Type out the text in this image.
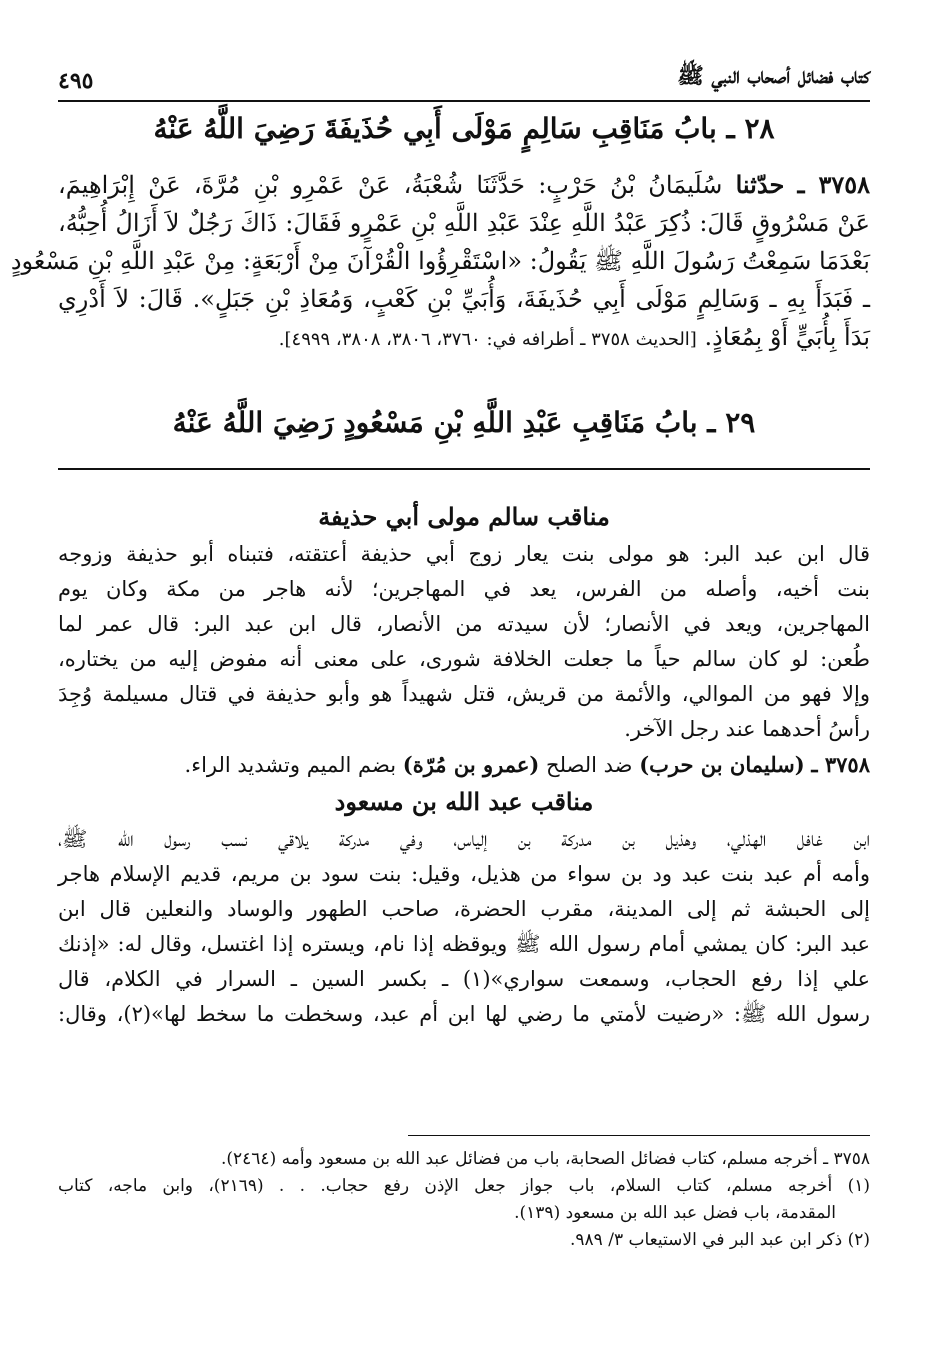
كتاب فضائل أصحاب النبي ﷺ
٤٩٥
٢٨ ـ بابُ مَنَاقِبِ سَالِمٍ مَوْلَى أَبِي حُذَيفَةَ رَضِيَ اللَّهُ عَنْهُ
٣٧٥٨ ـ حدّثنا سُلَيمَانُ بْنُ حَرْبٍ: حَدَّثَنَا شُعْبَةُ، عَنْ عَمْرِو بْنِ مُرَّةَ، عَنْ إِبْرَاهِيمَ،
عَنْ مَسْرُوقٍ قَالَ: ذُكِرَ عَبْدُ اللَّهِ عِنْدَ عَبْدِ اللَّهِ بْنِ عَمْرٍو فَقَالَ: ذَاكَ رَجُلٌ لاَ أَزَالُ أُحِبُّهُ،
بَعْدَمَا سَمِعْتُ رَسُولَ اللَّهِ ﷺ يَقُولُ: «اسْتَقْرِؤُوا الْقُرْآنَ مِنْ أَرْبَعَةٍ: مِنْ عَبْدِ اللَّهِ بْنِ مَسْعُودٍ
ـ فَبَدَأَ بِهِ ـ وَسَالِمٍ مَوْلَى أَبِي حُذَيفَةَ، وَأُبَيِّ بْنِ كَعْبٍ، وَمُعَاذِ بْنِ جَبَلٍ». قَالَ: لاَ أَدْرِي
بَدَأَ بِأُبَيٍّ أَوْ بِمُعَاذٍ. [الحديث ٣٧٥٨ ـ أطرافه في: ٣٧٦٠، ٣٨٠٦، ٣٨٠٨، ٤٩٩٩].
٢٩ ـ بابُ مَنَاقِبِ عَبْدِ اللَّهِ بْنِ مَسْعُودٍ رَضِيَ اللَّهُ عَنْهُ
مناقب سالم مولى أبي حذيفة
قال ابن عبد البر: هو مولى بنت يعار زوج أبي حذيفة أعتقته، فتبناه أبو حذيفة وزوجه
بنت أخيه، وأصله من الفرس، يعد في المهاجرين؛ لأنه هاجر من مكة وكان يوم
المهاجرين، ويعد في الأنصار؛ لأن سيدته من الأنصار، قال ابن عبد البر: قال عمر لما
طُعن: لو كان سالم حياً ما جعلت الخلافة شورى، على معنى أنه مفوض إليه من يختاره،
وإلا فهو من الموالي، والأئمة من قريش، قتل شهيداً هو وأبو حذيفة في قتال مسيلمة وُجِدَ
رأسُ أحدهما عند رجل الآخر.
٣٧٥٨ ـ (سليمان بن حرب) ضد الصلح (عمرو بن مُرّة) بضم الميم وتشديد الراء.
مناقب عبد الله بن مسعود
ابن غافل الهذلي، وهذيل بن مدركة بن إلياس، وفي مدركة يلاقي نسب رسول الله ﷺ،
وأمه أم عبد بنت عبد ود بن سواء من هذيل، وقيل: بنت سود بن مريم، قديم الإسلام هاجر
إلى الحبشة ثم إلى المدينة، مقرب الحضرة، صاحب الطهور والوساد والنعلين قال ابن
عبد البر: كان يمشي أمام رسول الله ﷺ ويوقظه إذا نام، ويستره إذا اغتسل، وقال له: «إذنك
علي إذا رفع الحجاب، وسمعت سواري»(١) ـ بكسر السين ـ السرار في الكلام، قال
رسول الله ﷺ: «رضيت لأمتي ما رضي لها ابن أم عبد، وسخطت ما سخط لها»(٢)، وقال:
٣٧٥٨ ـ أخرجه مسلم، كتاب فضائل الصحابة، باب من فضائل عبد الله بن مسعود وأمه (٢٤٦٤).
(١) أخرجه مسلم، كتاب السلام، باب جواز جعل الإذن رفع حجاب. . . (٢١٦٩)، وابن ماجه، كتاب
المقدمة، باب فضل عبد الله بن مسعود (١٣٩).
(٢) ذكر ابن عبد البر في الاستيعاب ٣/ ٩٨٩.
